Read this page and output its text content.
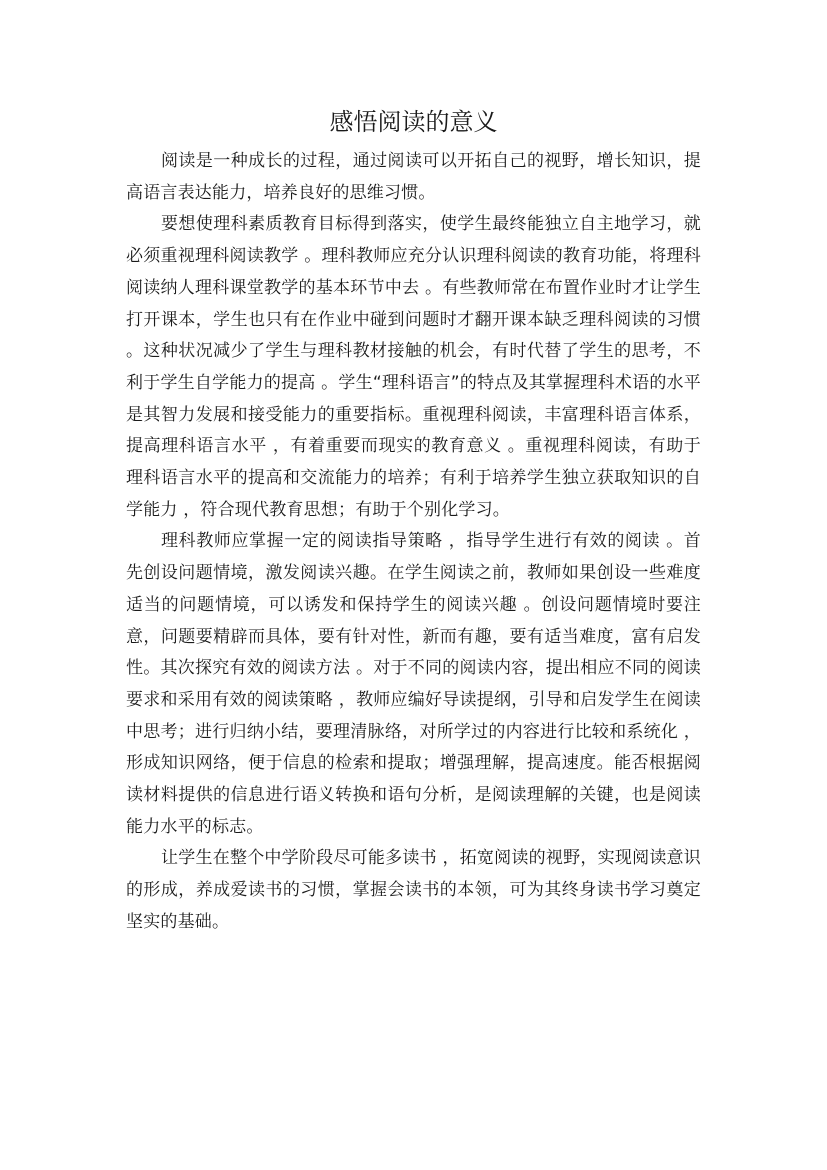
感悟阅读的意义

阅读是一种成长的过程，通过阅读可以开拓自己的视野，增长知识，提高语言表达能力，培养良好的思维习惯。

要想使理科素质教育目标得到落实，使学生最终能独立自主地学习，就必须重视理科阅读教学 。理科教师应充分认识理科阅读的教育功能，将理科阅读纳人理科课堂教学的基本环节中去 。有些教师常在布置作业时才让学生打开课本，学生也只有在作业中碰到问题时才翻开课本缺乏理科阅读的习惯 。这种状况减少了学生与理科教材接触的机会，有时代替了学生的思考，不利于学生自学能力的提高 。学生“理科语言”的特点及其掌握理科术语的水平是其智力发展和接受能力的重要指标。重视理科阅读，丰富理科语言体系，提高理科语言水平 ，有着重要而现实的教育意义 。重视理科阅读，有助于理科语言水平的提高和交流能力的培养；有利于培养学生独立获取知识的自学能力 ，符合现代教育思想；有助于个别化学习。

理科教师应掌握一定的阅读指导策略 ，指导学生进行有效的阅读 。首先创设问题情境，激发阅读兴趣。在学生阅读之前，教师如果创设一些难度适当的问题情境，可以诱发和保持学生的阅读兴趣 。创设问题情境时要注意，问题要精辟而具体，要有针对性，新而有趣，要有适当难度，富有启发性。其次探究有效的阅读方法 。对于不同的阅读内容，提出相应不同的阅读要求和采用有效的阅读策略 ，教师应编好导读提纲，引导和启发学生在阅读中思考；进行归纳小结，要理清脉络，对所学过的内容进行比较和系统化 ，形成知识网络，便于信息的检索和提取；增强理解，提高速度。能否根据阅读材料提供的信息进行语义转换和语句分析，是阅读理解的关键，也是阅读能力水平的标志。

让学生在整个中学阶段尽可能多读书 ，拓宽阅读的视野，实现阅读意识的形成，养成爱读书的习惯，掌握会读书的本领，可为其终身读书学习奠定坚实的基础。
